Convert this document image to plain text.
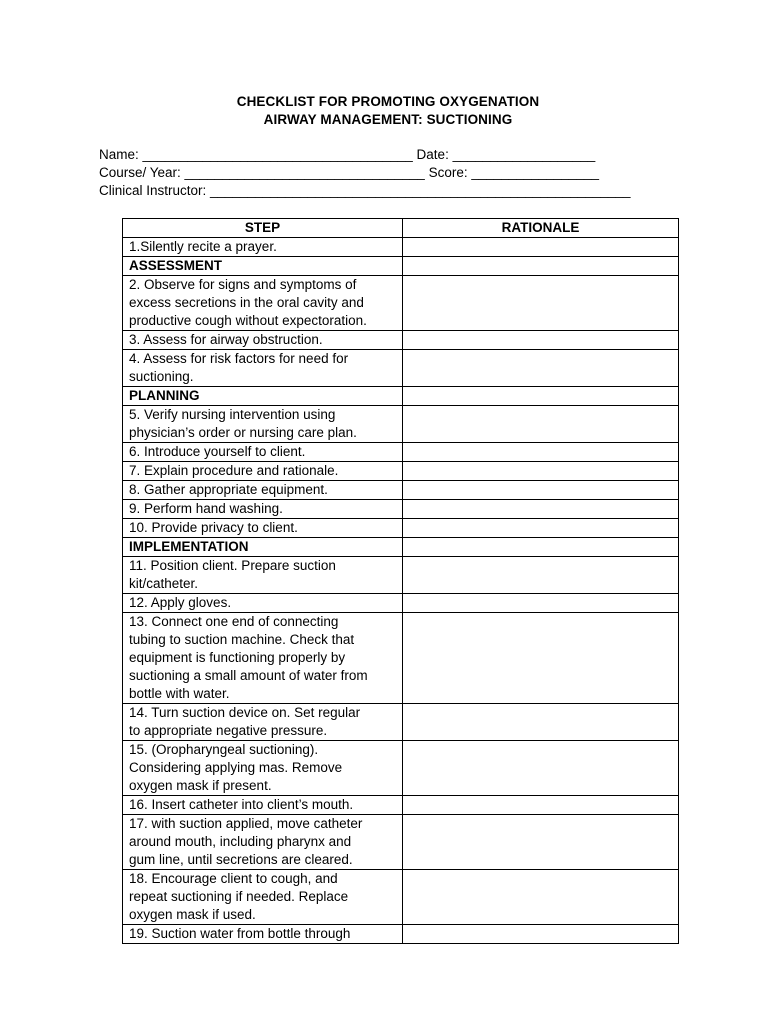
CHECKLIST FOR PROMOTING OXYGENATION
AIRWAY MANAGEMENT: SUCTIONING
Name: ____________________________________ Date: ___________________
Course/ Year: ________________________________ Score: _________________
Clinical Instructor: ________________________________________________________
STEP	RATIONALE

1.Silently recite a prayer.	

ASSESSMENT	

2. Observe for signs and symptoms of
excess secretions in the oral cavity and
productive cough without expectoration.	

3. Assess for airway obstruction.	

4. Assess for risk factors for need for
suctioning.	

PLANNING	

5. Verify nursing intervention using
physician’s order or nursing care plan.	

6. Introduce yourself to client.	

7. Explain procedure and rationale.	

8. Gather appropriate equipment.	

9. Perform hand washing.	

10. Provide privacy to client.	

IMPLEMENTATION	

11. Position client. Prepare suction
kit/catheter.	

12. Apply gloves.	

13. Connect one end of connecting
tubing to suction machine. Check that
equipment is functioning properly by
suctioning a small amount of water from
bottle with water.	

14. Turn suction device on. Set regular
to appropriate negative pressure.	

15. (Oropharyngeal suctioning).
Considering applying mas. Remove
oxygen mask if present.	

16. Insert catheter into client’s mouth.	

17. with suction applied, move catheter
around mouth, including pharynx and
gum line, until secretions are cleared.	

18. Encourage client to cough, and
repeat suctioning if needed. Replace
oxygen mask if used.	

19. Suction water from bottle through	
